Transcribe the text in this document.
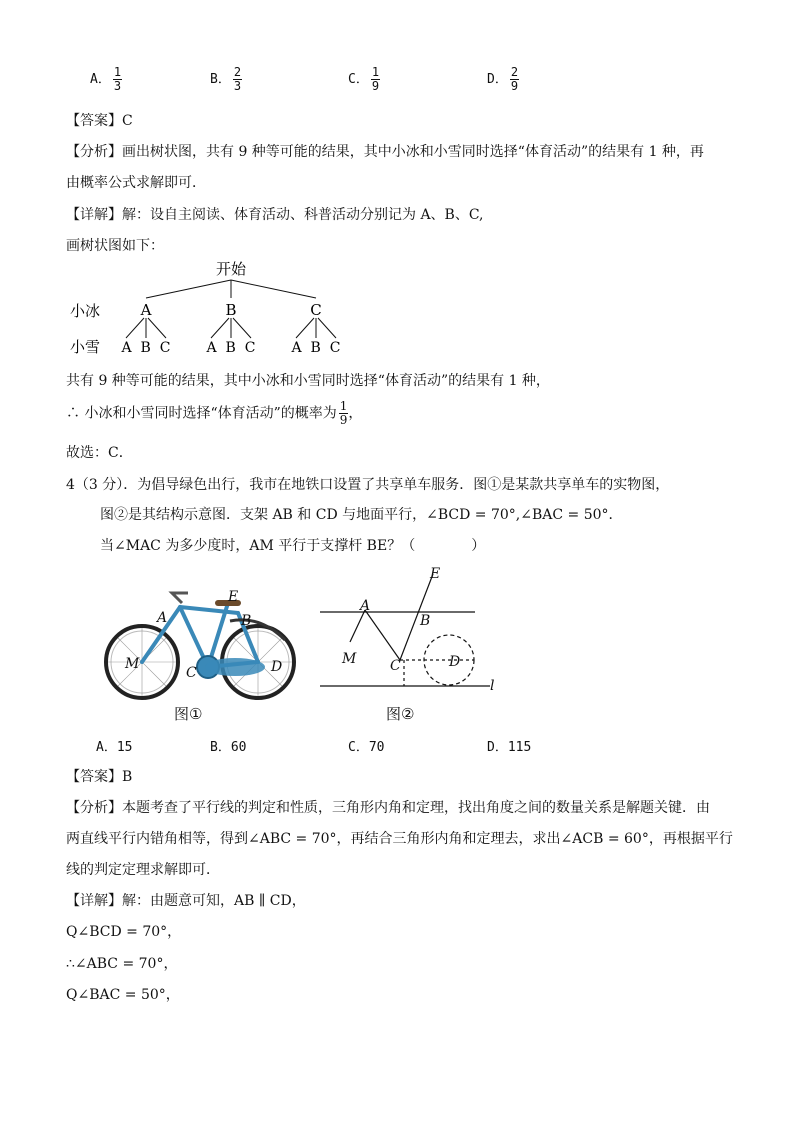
A． $\frac{1}{3}$	B． $\frac{2}{3}$	C． $\frac{1}{9}$	D． $\frac{2}{9}$
【答案】C
【分析】画出树状图，共有 9 种等可能的结果，其中小冰和小雪同时选择“体育活动”的结果有 1 种，再
由概率公式求解即可．
【详解】解：设自主阅读、体育活动、科普活动分别记为 A、B、C,
画树状图如下：
开始
小冰
小雪
A	B	C
A  B  C	A  B  C	A  B  C
共有 9 种等可能的结果，其中小冰和小雪同时选择“体育活动”的结果有 1 种，
∴ 小冰和小雪同时选择“体育活动”的概率为 $\frac{1}{9}$ ，
故选：C．
4（3 分）．为倡导绿色出行，我市在地铁口设置了共享单车服务．图①是某款共享单车的实物图，
图②是其结构示意图．支架 AB 和 CD 与地面平行，∠BCD = 70°,∠BAC = 50°．
当∠MAC 为多少度时，AM 平行于支撑杆 BE？（　　　　）
E
A	B
M
C	D
图①
E
A
B
M C	D
l
图②
A．15	B．60	C．70	D．115
【答案】B
【分析】本题考查了平行线的判定和性质，三角形内角和定理，找出角度之间的数量关系是解题关键．由
两直线平行内错角相等，得到∠ABC = 70°，再结合三角形内角和定理去，求出∠ACB = 60°，再根据平行
线的判定定理求解即可．
【详解】解：由题意可知，AB ∥ CD，
Q∠BCD = 70°，
∴∠ABC = 70°，
Q∠BAC = 50°，
